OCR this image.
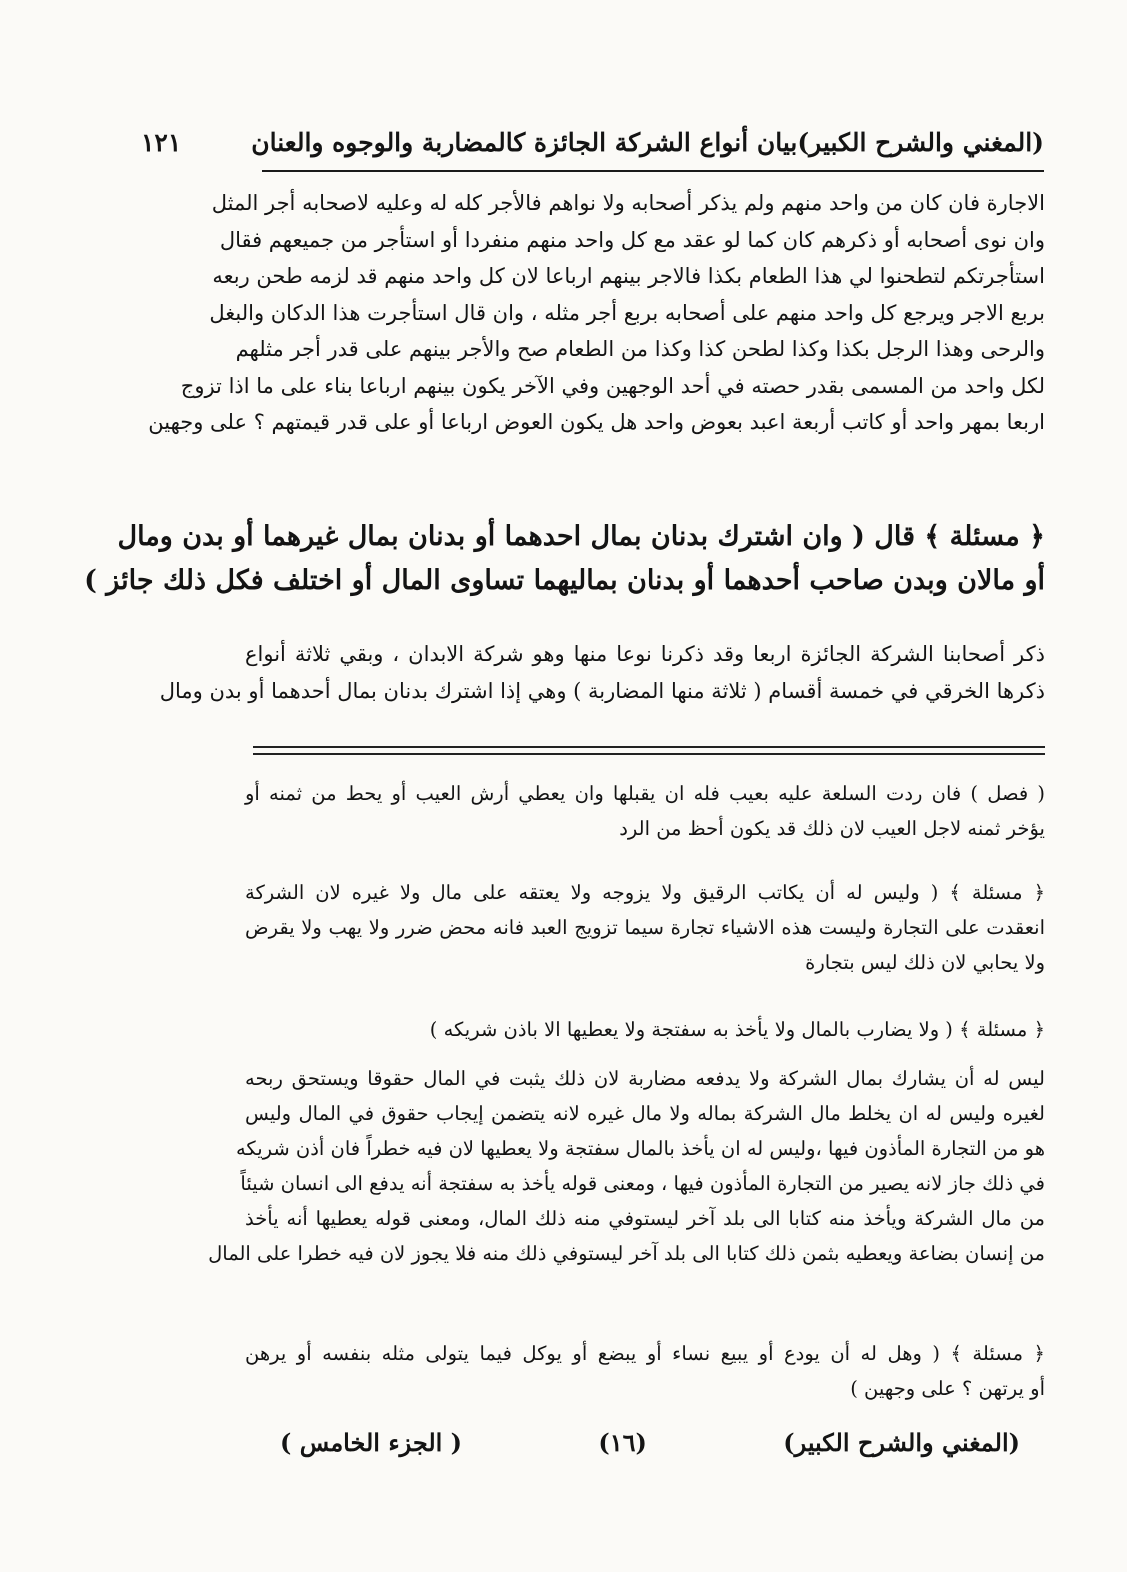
(المغني والشرح الكبير)
بيان أنواع الشركة الجائزة كالمضاربة والوجوه والعنان
١٢١

الاجارة فان كان من واحد منهم ولم يذكر أصحابه ولا نواهم فالأجر كله له وعليه لاصحابه أجر المثل

وان نوى أصحابه أو ذكرهم كان كما لو عقد مع كل واحد منهم منفردا أو استأجر من جميعهم فقال

استأجرتكم لتطحنوا لي هذا الطعام بكذا فالاجر بينهم ارباعا لان كل واحد منهم قد لزمه طحن ربعه

بربع الاجر ويرجع كل واحد منهم على أصحابه بربع أجر مثله ، وان قال استأجرت هذا الدكان والبغل

والرحى وهذا الرجل بكذا وكذا لطحن كذا وكذا من الطعام صح والأجر بينهم على قدر أجر مثلهم

لكل واحد من المسمى بقدر حصته في أحد الوجهين وفي الآخر يكون بينهم ارباعا بناء على ما اذا تزوج

اربعا بمهر واحد أو كاتب أربعة اعبد بعوض واحد هل يكون العوض ارباعا أو على قدر قيمتهم ؟ على وجهين

﴿ مسئلة ﴾ قال ( وان اشترك بدنان بمال احدهما أو بدنان بمال غيرهما أو بدن ومال

أو مالان وبدن صاحب أحدهما أو بدنان بماليهما تساوى المال أو اختلف فكل ذلك جائز )

ذكر أصحابنا الشركة الجائزة اربعا وقد ذكرنا نوعا منها وهو شركة الابدان ، وبقي ثلاثة أنواع

ذكرها الخرقي في خمسة أقسام ( ثلاثة منها المضاربة ) وهي إذا اشترك بدنان بمال أحدهما أو بدن ومال

( فصل ) فان ردت السلعة عليه بعيب فله ان يقبلها وان يعطي أرش العيب أو يحط من ثمنه أو

يؤخر ثمنه لاجل العيب لان ذلك قد يكون أحظ من الرد

﴿ مسئلة ﴾ ( وليس له أن يكاتب الرقيق ولا يزوجه ولا يعتقه على مال ولا غيره لان الشركة

انعقدت على التجارة وليست هذه الاشياء تجارة سيما تزويج العبد فانه محض ضرر ولا يهب ولا يقرض

ولا يحابي لان ذلك ليس بتجارة

﴿ مسئلة ﴾ ( ولا يضارب بالمال ولا يأخذ به سفتجة ولا يعطيها الا باذن شريكه )

ليس له أن يشارك بمال الشركة ولا يدفعه مضاربة لان ذلك يثبت في المال حقوقا ويستحق ربحه

لغيره وليس له ان يخلط مال الشركة بماله ولا مال غيره لانه يتضمن إيجاب حقوق في المال وليس

هو من التجارة المأذون فيها ،وليس له ان يأخذ بالمال سفتجة ولا يعطيها لان فيه خطراً فان أذن شريكه

في ذلك جاز لانه يصير من التجارة المأذون فيها ، ومعنى قوله يأخذ به سفتجة أنه يدفع الى انسان شيئاً

من مال الشركة ويأخذ منه كتابا الى بلد آخر ليستوفي منه ذلك المال، ومعنى قوله يعطيها أنه يأخذ

من إنسان بضاعة ويعطيه بثمن ذلك كتابا الى بلد آخر ليستوفي ذلك منه فلا يجوز لان فيه خطرا على المال

﴿ مسئلة ﴾ ( وهل له أن يودع أو يبيع نساء أو يبضع أو يوكل فيما يتولى مثله بنفسه أو يرهن

أو يرتهن ؟ على وجهين )

(المغني والشرح الكبير)
(١٦)
( الجزء الخامس )
